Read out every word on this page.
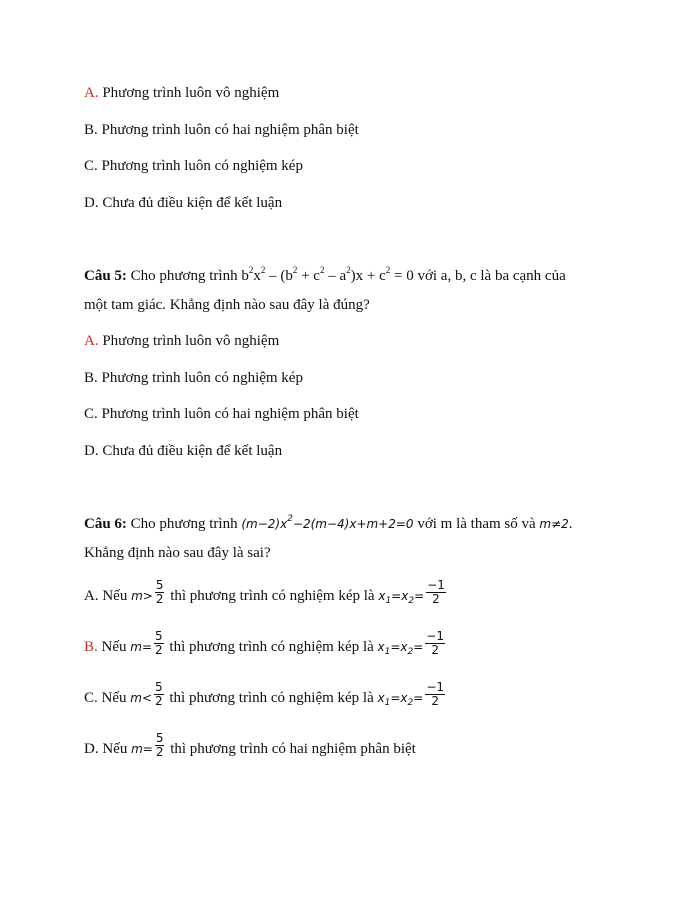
A. Phương trình luôn vô nghiệm
B. Phương trình luôn có hai nghiệm phân biệt
C. Phương trình luôn có nghiệm kép
D. Chưa đủ điều kiện để kết luận
Câu 5: Cho phương trình $b^2x^2 - (b^2 + c^2 - a^2)x + c^2 = 0$ với a, b, c là ba cạnh của
một tam giác. Khẳng định nào sau đây là đúng?
A. Phương trình luôn vô nghiệm
B. Phương trình luôn có nghiệm kép
C. Phương trình luôn có hai nghiệm phân biệt
D. Chưa đủ điều kiện để kết luận
Câu 6: Cho phương trình $(m-2)x^2-2(m-4)x+m+2=0$ với m là tham số và m≠2.
Khẳng định nào sau đây là sai?
A. Nếu $m> \frac{5}{2}$ thì phương trình có nghiệm kép là $x_1=x_2= \frac{-1}{2}$
B. Nếu $m= \frac{5}{2}$ thì phương trình có nghiệm kép là $x_1=x_2= \frac{-1}{2}$
C. Nếu $m< \frac{5}{2}$ thì phương trình có nghiệm kép là $x_1=x_2= \frac{-1}{2}$
D. Nếu $m= \frac{5}{2}$ thì phương trình có hai nghiệm phân biệt
